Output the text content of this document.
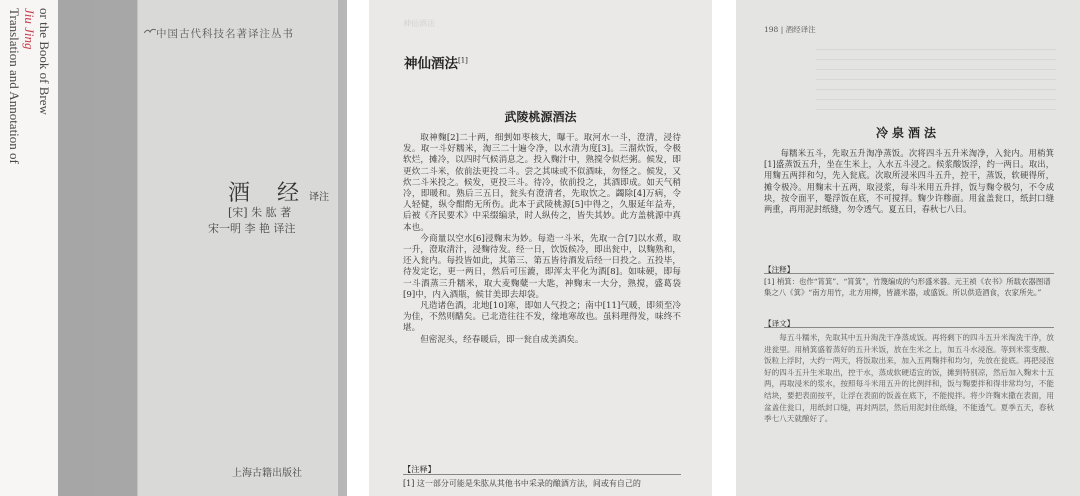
Translation and Annotation of Jiu Jing or the Book of Brew	中国古代科技名著译注丛书
酒 经译注
[宋] 朱 肱 著
宋一明 李 艳 译注
上海古籍出版社
神仙酒法
神仙酒法[1]
武陵桃源酒法

取神麴[2]二十两，细剉如枣核大，曝干。取河水一斗，澄清，浸待发。取一斗好糯米，淘三二十遍令净，以水清为度[3]。三溜炊饭，令极软烂，摊冷，以四时气候消息之。投入麴汁中，熟搅令似烂粥。候发，即更炊二斗米，依前法更投二斗。尝之其味或不似酒味，勿怪之。候发，又炊二斗米投之。候发，更投三斗。待冷，依前投之，其酒即成。如天气稍冷，即暖和。熟后三五日，瓮头有澄清者，先取饮之。蠲除[4]万病，令人轻健，纵令酣酌无所伤。此本于武陵桃源[5]中得之，久服延年益寿，后被《齐民要术》中采缀编录，时人纵传之，皆失其妙。此方盖桃源中真本也。

今商量以空水[6]浸麴末为妙。每造一斗米，先取一合[7]以水煮，取一升，澄取清汁，浸麴待发。经一日，饮饭候冷，即出瓮中，以麴熟和，还入瓮内。每投皆如此，其第三、第五皆待酒发后经一日投之。五投毕，待发定讫，更一两日，然后可压漉，即浑太平化为酒[8]。如味硬，即每一斗酒蒸三升糯米，取大麦麴糵一大匙，神麴末一大分，熟搅，盛葛袋[9]中，内入酒瓶，候甘美即去却袋。

凡造诸色酒，北地[10]寒，即如人气投之；南中[11]气暖，即须至冷为佳，不然则醋矣。已北造往往不发，缘地寒故也。虽料理得发，味终不堪。

但密泥头，经春暖后，即一瓮自成美酒矣。

【注释】
[1] 这一部分可能是朱肱从其他书中采录的酿酒方法，间或有自己的
198 | 酒经译注
冷泉酒法

每糯米五斗，先取五升淘净蒸饭。次将四斗五升米淘净，入瓮内。用梢箕[1]盛蒸饭五升，坐在生米上，入水五斗浸之。候浆酸饭浮，约一两日。取出，用麴五两拌和匀，先入瓮底。次取所浸米四斗五升，控干，蒸饭，软硬得所，摊令极冷。用麴末十五两，取浸浆，每斗米用五升拌，饭与麴令极匀，不令成块，按令面平，罨浮饭在底，不可搅拌。麴少许糁面。用盆盖瓮口，纸封口缝两重，再用泥封纸缝，勿令透气。夏五日，春秋七八日。

【注释】
[1] 梢箕：也作“筲箕”、“筲箕”，竹篾编成的勺形盛米器。元王祯《农书》所载农器图谱集之八《箕》“南方用竹，北方用柳，皆漉米器，或盛饭。所以供造酒食，农家所先。”
【译文】

每五斗糯米，先取其中五升淘洗干净蒸成饭。再将剩下的四斗五升米淘洗干净，放进瓮里。用梢箕盛着蒸好的五升米饭，放在生米之上，加五斗水浸泡。等到米浆变酸、饭粒上浮时，大约一两天，将饭取出来，加入五两麴拌和均匀，先放在瓮底。再把浸泡好的四斗五升生米取出，控干水，蒸成软硬适宜的饭，摊到特别凉，然后加入麴末十五两，再取浸米的浆水，按照每斗米用五升的比例拌和，饭与麴要拌和得非常均匀，不能结块，要把表面按平，让浮在表面的饭盖在底下，不能搅拌。将少许麴末撒在表面，用盆盖住瓮口，用纸封口缝，再封两层，然后用泥封住纸缝，不能透气。夏季五天，春秋季七八天就酿好了。
